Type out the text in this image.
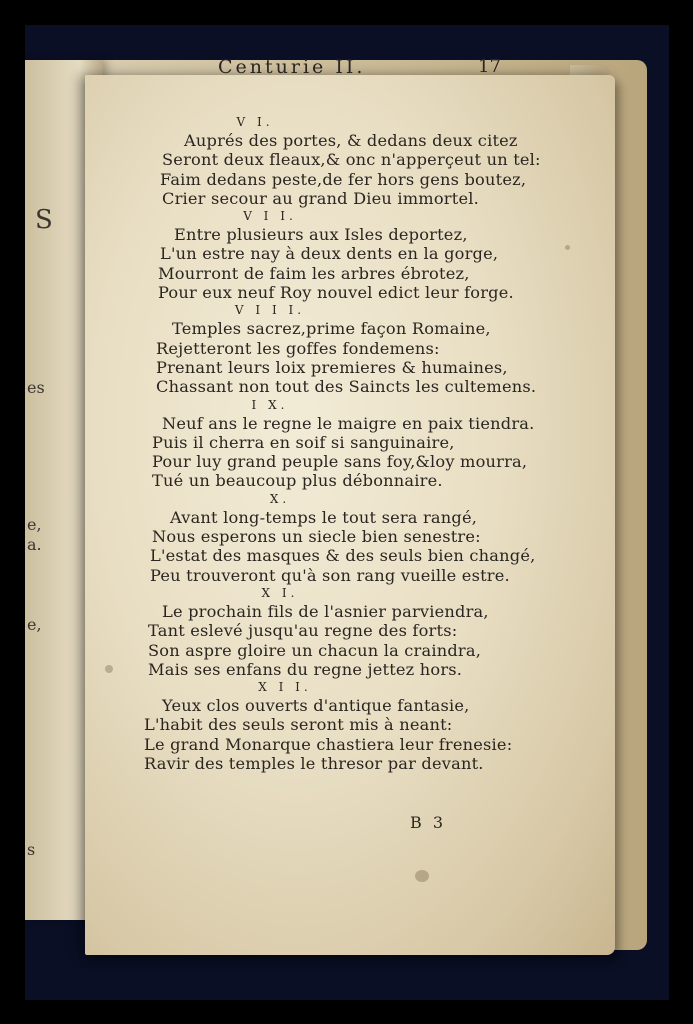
S
es
e,
a.
e,
s
Centurie II.	17
V I.
Auprés des portes, & dedans deux citez
Seront deux fleaux,& onc n'apperçeut un tel:
Faim dedans peste,de fer hors gens boutez,
Crier secour au grand Dieu immortel.
V I I.
Entre plusieurs aux Isles deportez,
L'un estre nay à deux dents en la gorge,
Mourront de faim les arbres ébrotez,
Pour eux neuf Roy nouvel edict leur forge.
V I I I.
Temples sacrez,prime façon Romaine,
Rejetteront les goffes fondemens:
Prenant leurs loix premieres & humaines,
Chassant non tout des Saincts les cultemens.
I X.
Neuf ans le regne le maigre en paix tiendra.
Puis il cherra en soif si sanguinaire,
Pour luy grand peuple sans foy,&loy mourra,
Tué un beaucoup plus débonnaire.
X.
Avant long-temps le tout sera rangé,
Nous esperons un siecle bien senestre:
L'estat des masques & des seuls bien changé,
Peu trouveront qu'à son rang vueille estre.
X I.
Le prochain fils de l'asnier parviendra,
Tant eslevé jusqu'au regne des forts:
Son aspre gloire un chacun la craindra,
Mais ses enfans du regne jettez hors.
X I I.
Yeux clos ouverts d'antique fantasie,
L'habit des seuls seront mis à neant:
Le grand Monarque chastiera leur frenesie:
Ravir des temples le thresor par devant.
B 3
